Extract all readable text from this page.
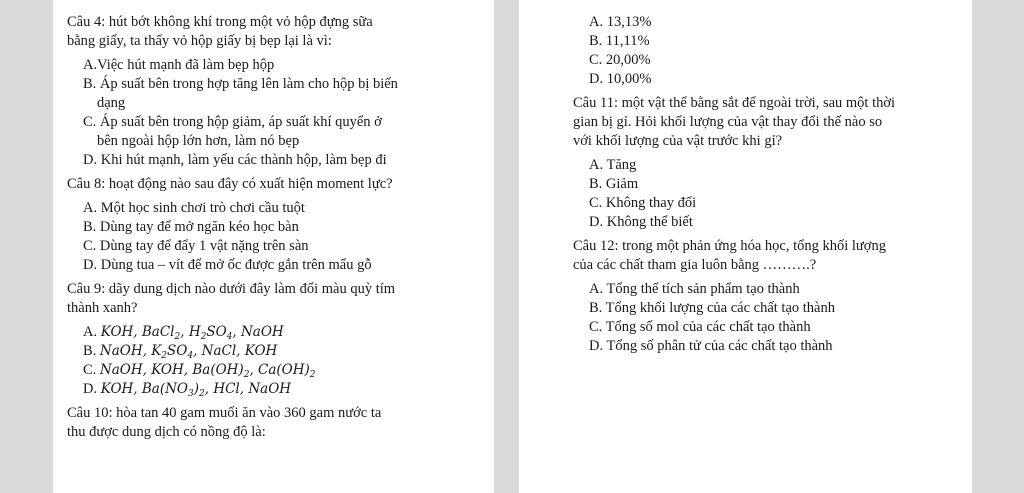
Câu 4: hút bớt không khí trong một vỏ hộp đựng sữa
bằng giấy, ta thấy vỏ hộp giấy bị bẹp lại là vì:
A.Việc hút mạnh đã làm bẹp hộp
B. Áp suất bên trong hợp tăng lên làm cho hộp bị biến
dạng
C. Áp suất bên trong hộp giảm, áp suất khí quyển ở
bên ngoài hộp lớn hơn, làm nó bẹp
D. Khi hút mạnh, làm yếu các thành hộp, làm bẹp đi
Câu 8: hoạt động nào sau đây có xuất hiện moment lực?
A. Một học sinh chơi trò chơi cầu tuột
B. Dùng tay để mở ngăn kéo học bàn
C. Dùng tay để đẩy 1 vật nặng trên sàn
D. Dùng tua – vít để mở ốc được gắn trên mẩu gỗ
Câu 9: dãy dung dịch nào dưới đây làm đổi màu quỳ tím
thành xanh?
A. KOH, BaCl$_2$, $H_2SO_4$, NaOH
B. NaOH, $K_2SO_4$, NaCl, KOH
C. NaOH, KOH, $Ba(OH)_2$, $Ca(OH)_2$
D. KOH, $Ba(NO_3)_2$, HCl, NaOH
Câu 10: hòa tan 40 gam muối ăn vào 360 gam nước ta
thu được dung dịch có nồng độ là:
A. 13,13%
B. 11,11%
C. 20,00%
D. 10,00%
Câu 11: một vật thể bằng sắt để ngoài trời, sau một thời
gian bị gỉ. Hỏi khối lượng của vật thay đổi thế nào so
với khối lượng của vật trước khi gỉ?
A. Tăng
B. Giảm
C. Không thay đổi
D. Không thể biết
Câu 12: trong một phản ứng hóa học, tổng khối lượng
của các chất tham gia luôn bằng ……….?
A. Tổng thể tích sản phẩm tạo thành
B. Tổng khối lượng của các chất tạo thành
C. Tổng số mol của các chất tạo thành
D. Tổng số phân tử của các chất tạo thành
